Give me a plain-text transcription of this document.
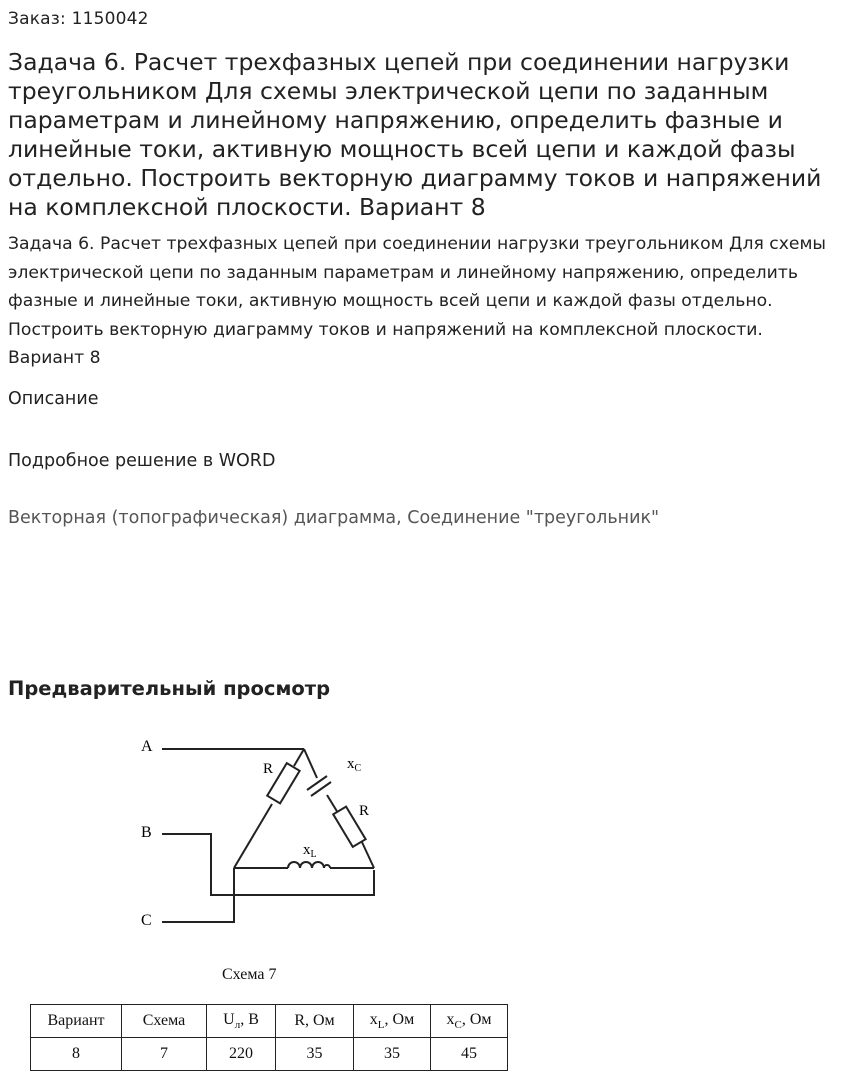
Заказ: 1150042
Задача 6. Расчет трехфазных цепей при соединении нагрузки треугольником Для схемы электрической цепи по заданным параметрам и линейному напряжению, определить фазные и линейные токи, активную мощность всей цепи и каждой фазы отдельно. Построить векторную диаграмму токов и напряжений на комплексной плоскости. Вариант 8

Задача 6. Расчет трехфазных цепей при соединении нагрузки треугольником Для схемы электрической цепи по заданным параметрам и линейному напряжению, определить фазные и линейные токи, активную мощность всей цепи и каждой фазы отдельно. Построить векторную диаграмму токов и напряжений на комплексной плоскости. Вариант 8

Описание
Подробное решение в WORD
Векторная (топографическая) диаграмма, Соединение "треугольник"
Предварительный просмотр
A
B
C
R
R
$x_C$
$x_L$
Схема 7
Вариант	Схема	$U_л$, В	R, Ом	$x_L$, Ом	$x_C$, Ом
8	7	220	35	35	45
